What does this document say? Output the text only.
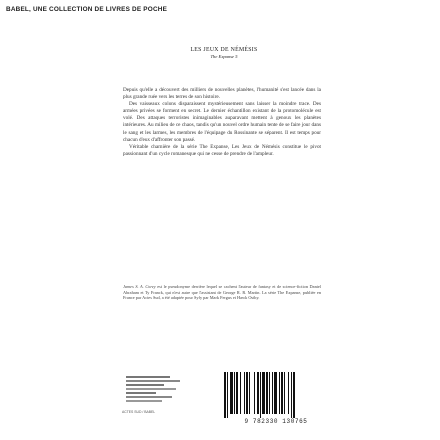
BABEL, UNE COLLECTION DE LIVRES DE POCHE
LES JEUX DE NÉMÉSIS
The Expanse 5

Depuis qu'elle a découvert des milliers de nouvelles planètes, l'humanité s'est lancée dans la plus grande ruée vers les terres de son histoire.

Des vaisseaux colons disparaissent mystérieusement sans laisser la moindre trace. Des armées privées se forment en secret. Le dernier échantillon existant de la protomolécule est volé. Des attaques terroristes inimaginables auparavant mettent à genoux les planètes intérieures. Au milieu de ce chaos, tandis qu'un nouvel ordre humain tente de se faire jour dans le sang et les larmes, les membres de l'équipage du Rossinante se séparent. Il est temps pour chacun d'eux d'affronter son passé.

Véritable charnière de la série The Expanse, Les Jeux de Némésis constitue le pivot passionnant d'un cycle romanesque qui ne cesse de prendre de l'ampleur.

James S. A. Corey est le pseudonyme derrière lequel se cachent l'auteur de fantasy et de science-fiction Daniel Abraham et Ty Franck, qui n'est autre que l'assistant de George R. R. Martin. La série The Expanse, publiée en France par Actes Sud, a été adaptée pour Syfy par Mark Fergus et Hawk Ostby.
ACTES SUD / BABEL
9 782330 130765
